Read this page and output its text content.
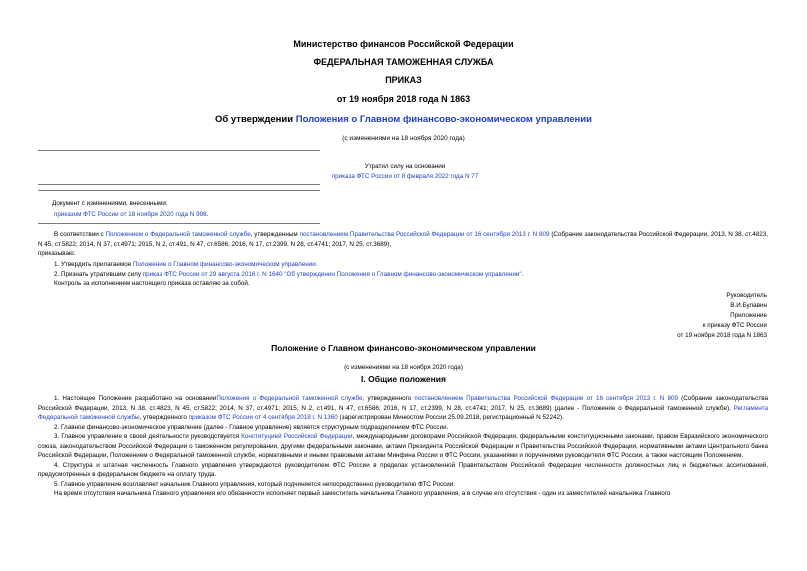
Министерство финансов Российской Федерации
ФЕДЕРАЛЬНАЯ ТАМОЖЕННАЯ СЛУЖБА
ПРИКАЗ
от 19 ноября 2018 года N 1863
Об утверждении Положения о Главном финансово-экономическом управлении
(с изменениями на 18 ноября 2020 года)
Утратил силу на основании
приказа ФТС России от 8 февраля 2022 года N 77
Документ с изменениями, внесенными:
приказом ФТС России от 18 ноября 2020 года N 998.

В соответствии с Положением о Федеральной таможенной службе, утвержденным постановлением Правительства Российской Федерации от 16 сентября 2013 г. N 809 (Собрание законодательства Российской Федерации, 2013, N 38, ст.4823, N 45, ст.5822; 2014, N 37, ст.4971; 2015, N 2, ст.491, N 47, ст.6586; 2016, N 17, ст.2399, N 28, ст.4741; 2017, N 25, ст.3689),

приказываю:

1. Утвердить прилагаемое Положение о Главном финансово-экономическом управлении.

2. Признать утратившим силу приказ ФТС России от 29 августа 2016 г. N 1640 "Об утверждении Положения о Главном финансово-экономическом управлении".

Контроль за исполнением настоящего приказа оставляю за собой.

Руководитель
В.И.Булавин
Приложение
к приказу ФТС России
от 19 ноября 2018 года N 1863
Положение о Главном финансово-экономическом управлении
(с изменениями на 18 ноября 2020 года)
I. Общие положения

1. Настоящее Положение разработано на основанииПоложения о Федеральной таможенной службе, утвержденного постановлением Правительства Российской Федерации от 16 сентября 2013 г. N 809 (Собрание законодательства Российской Федерации, 2013, N 38, ст.4823, N 45, ст.5822; 2014, N 37, ст.4971; 2015, N 2, ст.491, N 47, ст.6586; 2016, N 17, ст.2399, N 28, ст.4741; 2017, N 25, ст.3689) (далее - Положение о Федеральной таможенной службе), Регламента Федеральной таможенной службы, утвержденного приказом ФТС России от 4 сентября 2018 г. N 1360 (зарегистрирован Минюстом России 25.09.2018, регистрационный N 52242).

2. Главное финансово-экономическое управление (далее - Главное управление) является структурным подразделением ФТС России.

3. Главное управление в своей деятельности руководствуется Конституцией Российской Федерации, международными договорами Российской Федерации, федеральными конституционными законами, правом Евразийского экономического союза, законодательством Российской Федерации о таможенном регулировании, другими федеральными законами, актами Президента Российской Федерации и Правительства Российской Федерации, нормативными актами Центрального банка Российской Федерации, Положением о Федеральной таможенной службе, нормативными и иными правовыми актами Минфина России и ФТС России, указаниями и поручениями руководителя ФТС России, а также настоящим Положением.

4. Структура и штатная численность Главного управления утверждаются руководителем ФТС России в пределах установленной Правительством Российской Федерации численности должностных лиц и бюджетных ассигнований, предусмотренных в федеральном бюджете на оплату труда.

5. Главное управление возглавляет начальник Главного управления, который подчиняется непосредственно руководителю ФТС России.

На время отсутствия начальника Главного управления его обязанности исполняет первый заместитель начальника Главного управления, а в случае его отсутствия - один из заместителей начальника Главного
